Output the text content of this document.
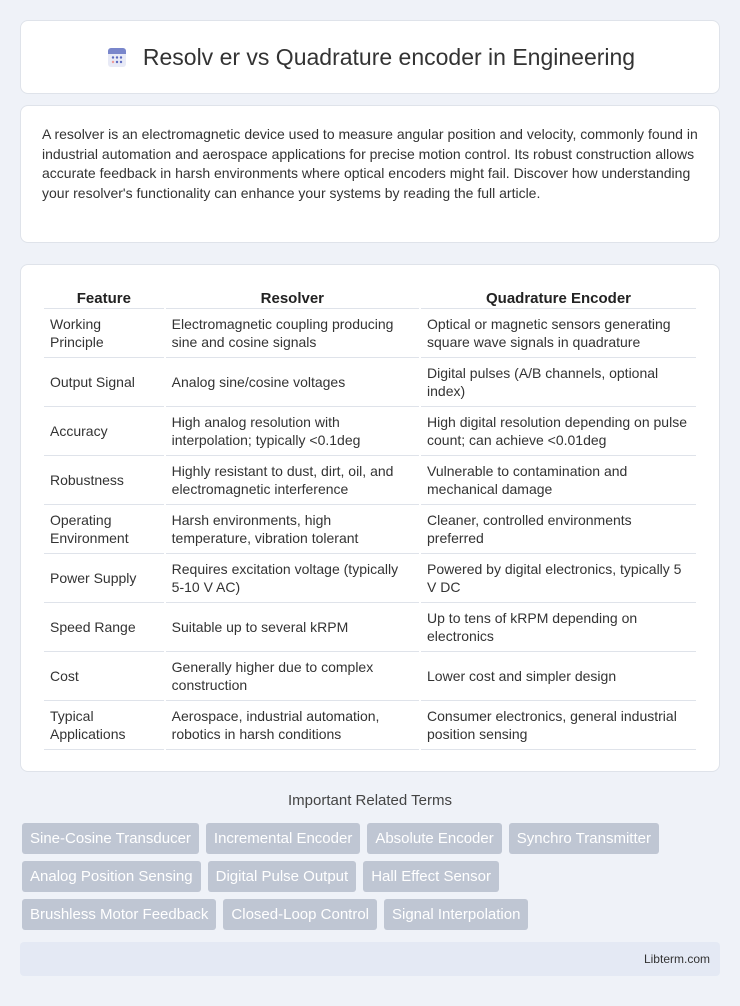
Resolv er vs Quadrature encoder in Engineering

A resolver is an electromagnetic device used to measure angular position and velocity, commonly found in industrial automation and aerospace applications for precise motion control. Its robust construction allows accurate feedback in harsh environments where optical encoders might fail. Discover how understanding your resolver's functionality can enhance your systems by reading the full article.

Feature	Resolver	Quadrature Encoder
Working Principle	Electromagnetic coupling producing sine and cosine signals	Optical or magnetic sensors generating square wave signals in quadrature
Output Signal	Analog sine/cosine voltages	Digital pulses (A/B channels, optional index)
Accuracy	High analog resolution with interpolation; typically <0.1deg	High digital resolution depending on pulse count; can achieve <0.01deg
Robustness	Highly resistant to dust, dirt, oil, and electromagnetic interference	Vulnerable to contamination and mechanical damage
Operating Environment	Harsh environments, high temperature, vibration tolerant	Cleaner, controlled environments preferred
Power Supply	Requires excitation voltage (typically 5-10 V AC)	Powered by digital electronics, typically 5 V DC
Speed Range	Suitable up to several kRPM	Up to tens of kRPM depending on electronics
Cost	Generally higher due to complex construction	Lower cost and simpler design
Typical Applications	Aerospace, industrial automation, robotics in harsh conditions	Consumer electronics, general industrial position sensing
Important Related Terms
Sine-Cosine Transducer	Incremental Encoder	Absolute Encoder	Synchro Transmitter
Analog Position Sensing	Digital Pulse Output	Hall Effect Sensor
Brushless Motor Feedback	Closed-Loop Control	Signal Interpolation
Libterm.com
